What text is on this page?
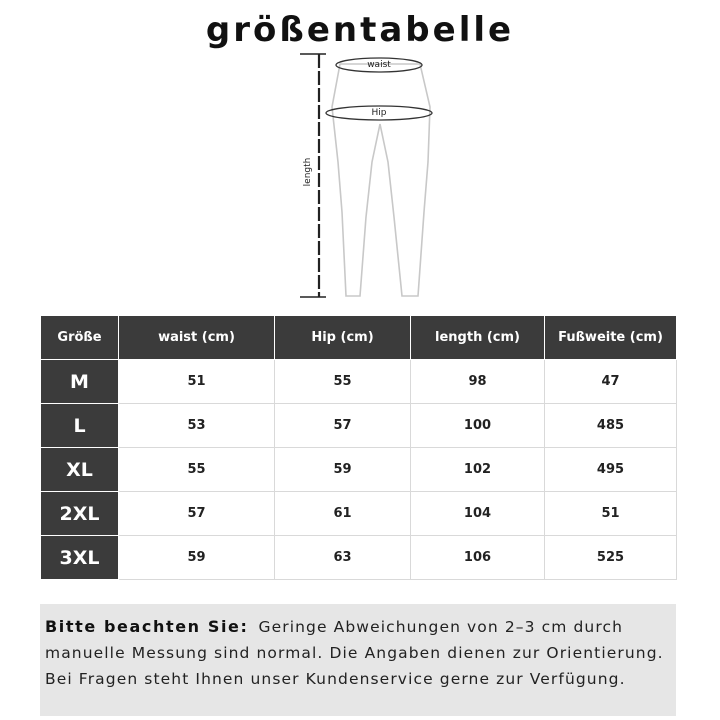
größentabelle
length
waist
Hip
Größe	waist (cm)	Hip (cm)	length (cm)	Fußweite (cm)
M	51	55	98	47
L	53	57	100	485
XL	55	59	102	495
2XL	57	61	104	51
3XL	59	63	106	525
Bitte beachten Sie: Geringe Abweichungen von 2–3 cm durch manuelle Messung sind normal. Die Angaben dienen zur Orientierung. Bei Fragen steht Ihnen unser Kundenservice gerne zur Verfügung.
